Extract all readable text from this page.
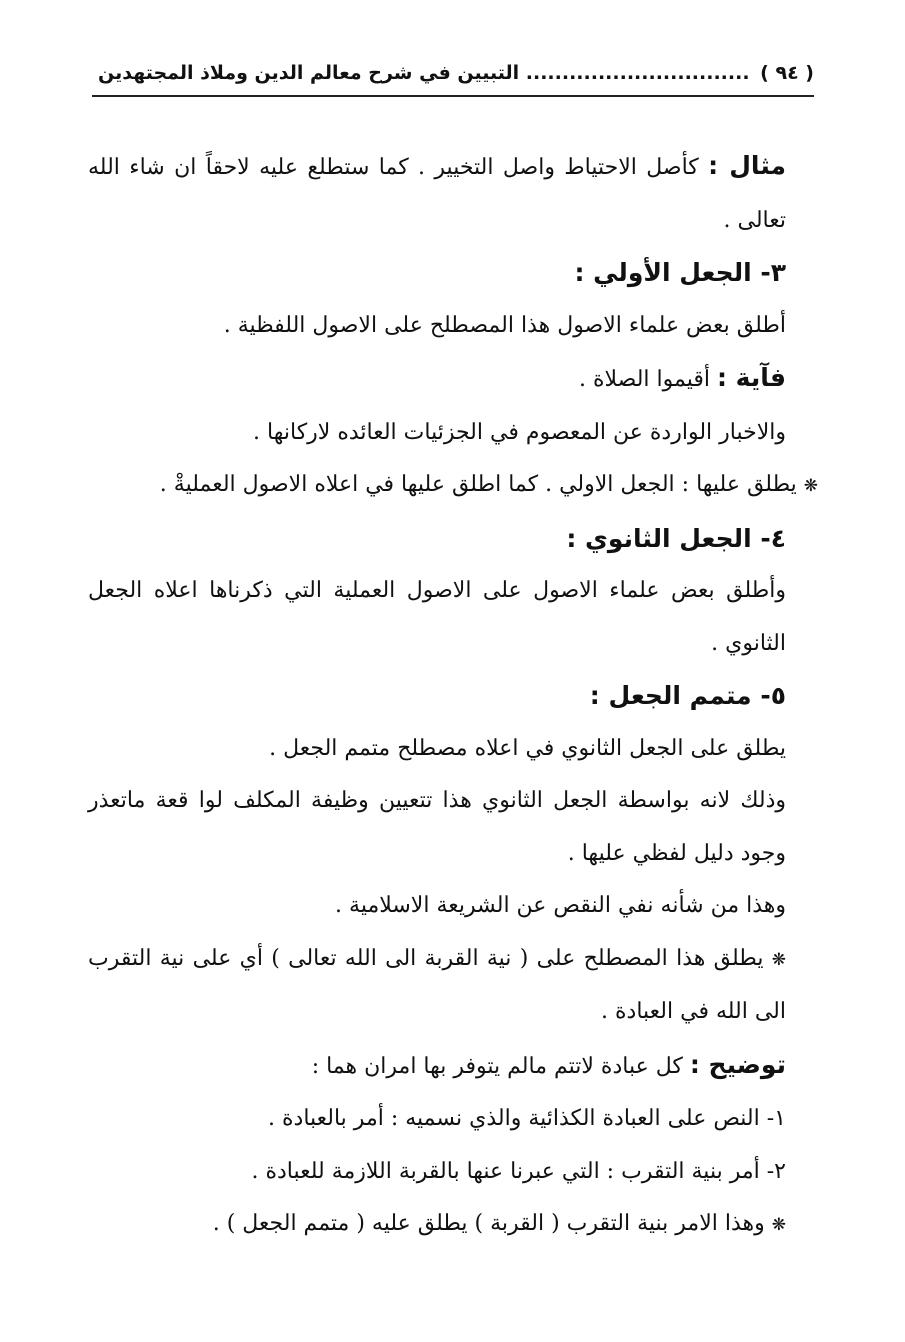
( ٩٤ ) ............................... التبيين في شرح معالم الدين وملاذ المجتهدين

مثال : كأصل الاحتياط واصل التخيير . كما ستطلع عليه لاحقاً ان شاء الله تعالى .

٣- الجعل الأولي :

أطلق بعض علماء الاصول هذا المصطلح على الاصول اللفظية .

فآية : أقيموا الصلاة .

والاخبار الواردة عن المعصوم في الجزئيات العائده لاركانها .

❋ يطلق عليها : الجعل الاولي . كما اطلق عليها في اعلاه الاصول العمليةْ .

٤- الجعل الثانوي :

وأطلق بعض علماء الاصول على الاصول العملية التي ذكرناها اعلاه الجعل الثانوي .

٥- متمم الجعل :

يطلق على الجعل الثانوي في اعلاه مصطلح متمم الجعل .

وذلك لانه بواسطة الجعل الثانوي هذا تتعيين وظيفة المكلف لوا قعة ماتعذر وجود دليل لفظي عليها .

وهذا من شأنه نفي النقص عن الشريعة الاسلامية .

❋ يطلق هذا المصطلح على ( نية القربة الى الله تعالى ) أي على نية التقرب الى الله في العبادة .

توضيح : كل عبادة لاتتم مالم يتوفر بها امران هما :

١- النص على العبادة الكذائية والذي نسميه : أمر بالعبادة .

٢- أمر بنية التقرب : التي عبرنا عنها بالقربة اللازمة للعبادة .

❋ وهذا الامر بنية التقرب ( القربة ) يطلق عليه ( متمم الجعل ) .
